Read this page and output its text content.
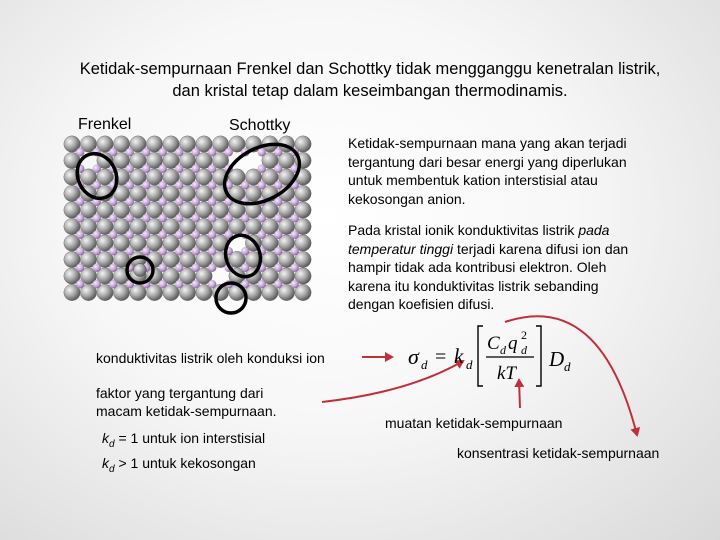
Ketidak-sempurnaan Frenkel dan Schottky tidak mengganggu kenetralan listrik,
dan kristal tetap dalam keseimbangan thermodinamis.
Frenkel	Schottky
Ketidak-sempurnaan mana yang akan terjadi
tergantung dari besar energi yang diperlukan
untuk membentuk kation interstisial atau
kekosongan anion.
Pada kristal ionik konduktivitas listrik pada
temperatur tinggi terjadi karena difusi ion dan
hampir tidak ada kontribusi elektron. Oleh
karena itu konduktivitas listrik sebanding
dengan koefisien difusi.
konduktivitas listrik oleh konduksi ion
faktor yang tergantung dari
macam ketidak-sempurnaan.
$k_d = 1$ untuk ion interstisial
$k_d > 1$ untuk kekosongan
muatan ketidak-sempurnaan
konsentrasi ketidak-sempurnaan
σ d = k d
C d q d
2
kT
D d
